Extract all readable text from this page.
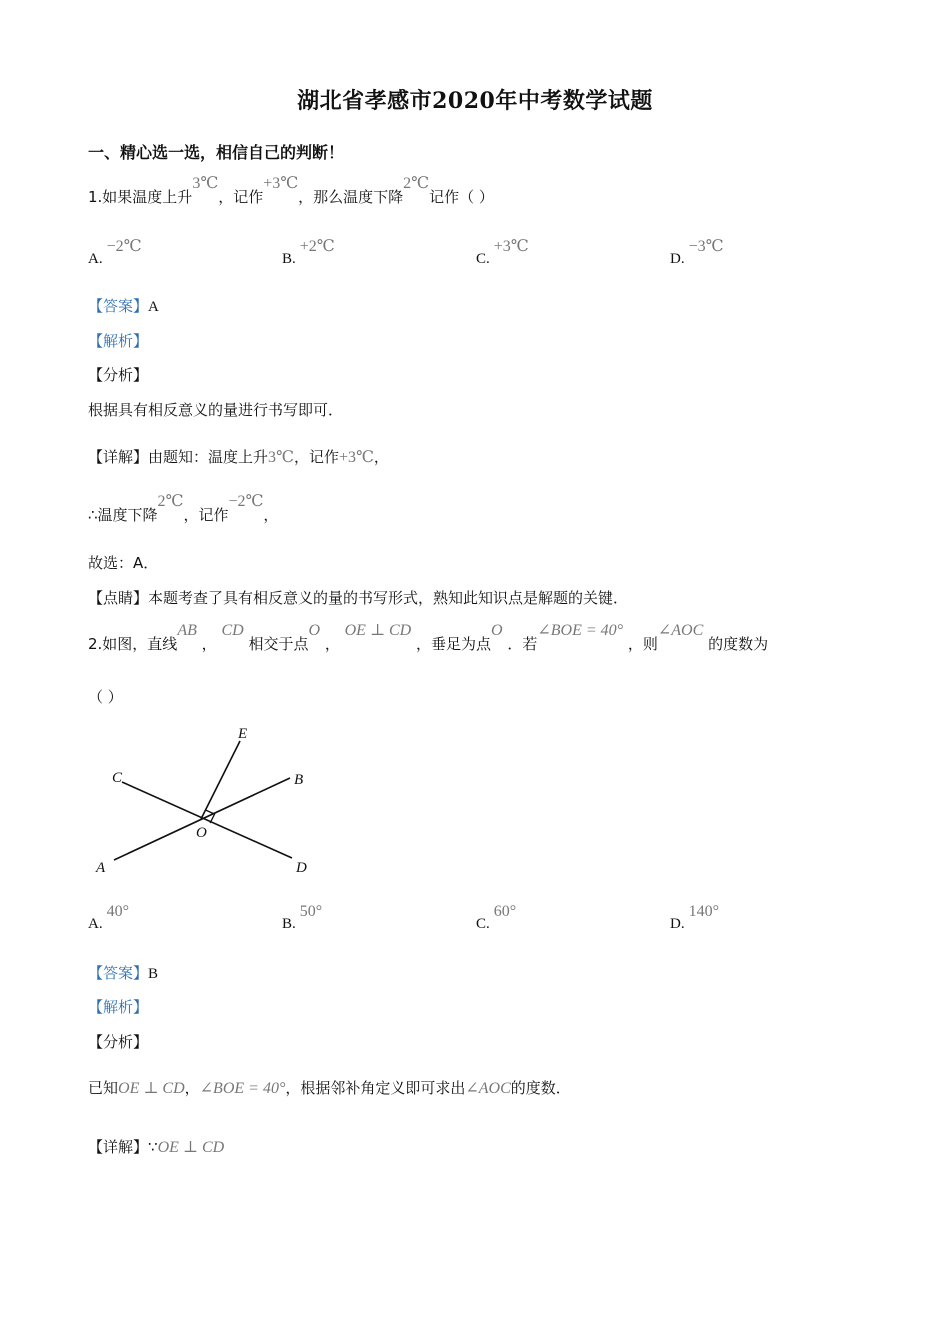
湖北省孝感市2020年中考数学试题
一、精心选一选，相信自己的判断！
1.如果温度上升3℃，记作+3℃，那么温度下降2℃记作（ ）
A.−2℃
B.+2℃
C.+3℃
D.−3℃
【答案】A
【解析】
【分析】
根据具有相反意义的量进行书写即可．
【详解】由题知：温度上升3℃，记作+3℃，
∴温度下降2℃，记作−2℃，
故选：A．
【点睛】本题考查了具有相反意义的量的书写形式，熟知此知识点是解题的关键．
2.如图，直线AB ， CD 相交于点O ， OE ⊥ CD ，垂足为点O ．若∠BOE = 40° ，则∠AOC 的度数为
（ ）
E
C	B
O
A	D
A.40°
B.50°
C.60°
D.140°
【答案】B
【解析】
【分析】
已知OE ⊥ CD，∠BOE = 40°，根据邻补角定义即可求出∠AOC的度数．
【详解】∵OE ⊥ CD
